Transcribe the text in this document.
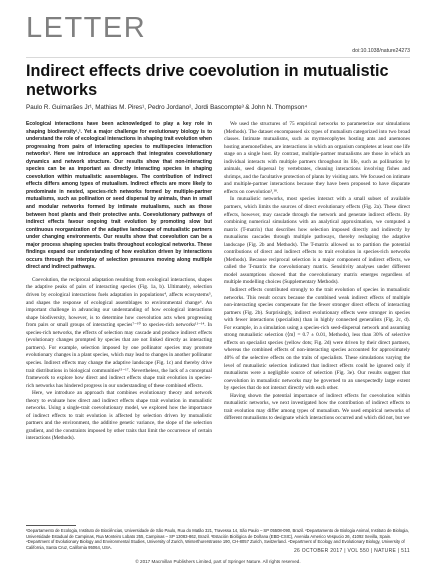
LETTER
doi:10.1038/nature24273
Indirect effects drive coevolution in mutualistic networks
Paulo R. Guimarães Jr¹, Mathias M. Pires¹, Pedro Jordano², Jordi Bascompte³ & John N. Thompson⁴

Ecological interactions have been acknowledged to play a key role in shaping biodiversity¹,². Yet a major challenge for evolutionary biology is to understand the role of ecological interactions in shaping trait evolution when progressing from pairs of interacting species to multispecies interaction networks³. Here we introduce an approach that integrates coevolutionary dynamics and network structure. Our results show that non-interacting species can be as important as directly interacting species in shaping coevolution within mutualistic assemblages. The contribution of indirect effects differs among types of mutualism. Indirect effects are more likely to predominate in nested, species-rich networks formed by multiple-partner mutualisms, such as pollination or seed dispersal by animals, than in small and modular networks formed by intimate mutualisms, such as those between host plants and their protective ants. Coevolutionary pathways of indirect effects favour ongoing trait evolution by promoting slow but continuous reorganization of the adaptive landscape of mutualistic partners under changing environments. Our results show that coevolution can be a major process shaping species traits throughout ecological networks. These findings expand our understanding of how evolution driven by interactions occurs through the interplay of selection pressures moving along multiple direct and indirect pathways.

Coevolution, the reciprocal adaptation resulting from ecological interactions, shapes the adaptive peaks of pairs of interacting species (Fig. 1a, b). Ultimately, selection driven by ecological interactions fuels adaptation in populations⁴, affects ecosystems⁵, and shapes the response of ecological assemblages to environmental change⁶. An important challenge in advancing our understanding of how ecological interactions shape biodiversity, however, is to determine how coevolution acts when progressing from pairs or small groups of interacting species⁷⁻¹⁰ to species-rich networks¹¹⁻¹⁴. In species-rich networks, the effects of selection may cascade and produce indirect effects (evolutionary changes prompted by species that are not linked directly as interacting partners). For example, selection imposed by one pollinator species may promote evolutionary changes in a plant species, which may lead to changes in another pollinator species. Indirect effects may change the adaptive landscape (Fig. 1c) and thereby drive trait distributions in biological communities¹⁵⁻¹⁷. Nevertheless, the lack of a conceptual framework to explore how direct and indirect effects shape trait evolution in species-rich networks has hindered progress in our understanding of these combined effects.

Here, we introduce an approach that combines evolutionary theory and network theory to evaluate how direct and indirect effects shape trait evolution in mutualistic networks. Using a single-trait coevolutionary model, we explored how the importance of indirect effects to trait evolution is affected by selection driven by mutualistic partners and the environment, the additive genetic variance, the slope of the selection gradient, and the constraints imposed by other traits that limit the occurrence of certain interactions (Methods).

We used the structures of 75 empirical networks to parameterize our simulations (Methods). The dataset encompassed six types of mutualism categorized into two broad classes. Intimate mutualisms, such as myrmecophytes hosting ants and anemones hosting anemonefishes, are interactions in which an organism completes at least one life stage on a single host. By contrast, multiple-partner mutualisms are those in which an individual interacts with multiple partners throughout its life, such as pollination by animals, seed dispersal by vertebrates, cleaning interactions involving fishes and shrimps, and the facultative protection of plants by visiting ants. We focused on intimate and multiple-partner interactions because they have been proposed to have disparate effects on coevolution³,¹⁸.

In mutualistic networks, most species interact with a small subset of available partners, which limits the sources of direct evolutionary effects (Fig. 2a). These direct effects, however, may cascade through the network and generate indirect effects. By combining numerical simulations with an analytical approximation, we computed a matrix (T-matrix) that describes how selection imposed directly and indirectly by mutualisms cascades through multiple pathways, thereby reshaping the adaptive landscape (Fig. 2b and Methods). The T-matrix allowed us to partition the potential contributions of direct and indirect effects to trait evolution in species-rich networks (Methods). Because reciprocal selection is a major component of indirect effects, we called the T-matrix the coevolutionary matrix. Sensitivity analyses under different model assumptions showed that the coevolutionary matrix emerges regardless of multiple modelling choices (Supplementary Methods).

Indirect effects contributed strongly to the trait evolution of species in mutualistic networks. This result occurs because the combined weak indirect effects of multiple non-interacting species compensate for the fewer stronger direct effects of interacting partners (Fig. 2b). Surprisingly, indirect evolutionary effects were stronger in species with fewer interactions (specialists) than in highly connected generalists (Fig. 2c, d). For example, in a simulation using a species-rich seed-dispersal network and assuming strong mutualistic selection (⟨m⟩ = 0.7 ± 0.01, Methods), less than 30% of selective effects on specialist species (yellow dots; Fig. 2d) were driven by their direct partners, whereas the combined effects of non-interacting species accounted for approximately 40% of the selective effects on the traits of specialists. These simulations varying the level of mutualistic selection indicated that indirect effects could be ignored only if mutualisms were a negligible source of selection (Fig. 3e). Our results suggest that coevolution in mutualistic networks may be governed to an unexpectedly large extent by species that do not interact directly with each other.

Having shown the potential importance of indirect effects for coevolution within mutualistic networks, we next investigated how the contribution of indirect effects to trait evolution may differ among types of mutualism. We used empirical networks of different mutualisms to designate which interactions occurred and which did not, but we

¹Departamento de Ecologia, Instituto de Biociências, Universidade de São Paulo, Rua do Matão 321, Travessa 14, São Paulo – SP 05508-090, Brazil. ²Departamento de Biologia Animal, Instituto de Biologia, Universidade Estadual de Campinas, Rua Monteiro Lobato 255, Campinas – SP 13083-862, Brazil. ³Estación Biológica de Doñana (EBD-CSIC), Avenida Americo Vespucio 26, 41092 Sevilla, Spain. ⁴Department of Evolutionary Biology and Environmental Studies, University of Zurich, Winterthurerstrasse 190, CH-8057 Zurich, Switzerland. ⁴Department of Ecology and Evolutionary Biology, University of California, Santa Cruz, California 95064, USA.

26 OCTOBER 2017 | VOL 550 | NATURE | 511
© 2017 Macmillan Publishers Limited, part of Springer Nature. All rights reserved.
